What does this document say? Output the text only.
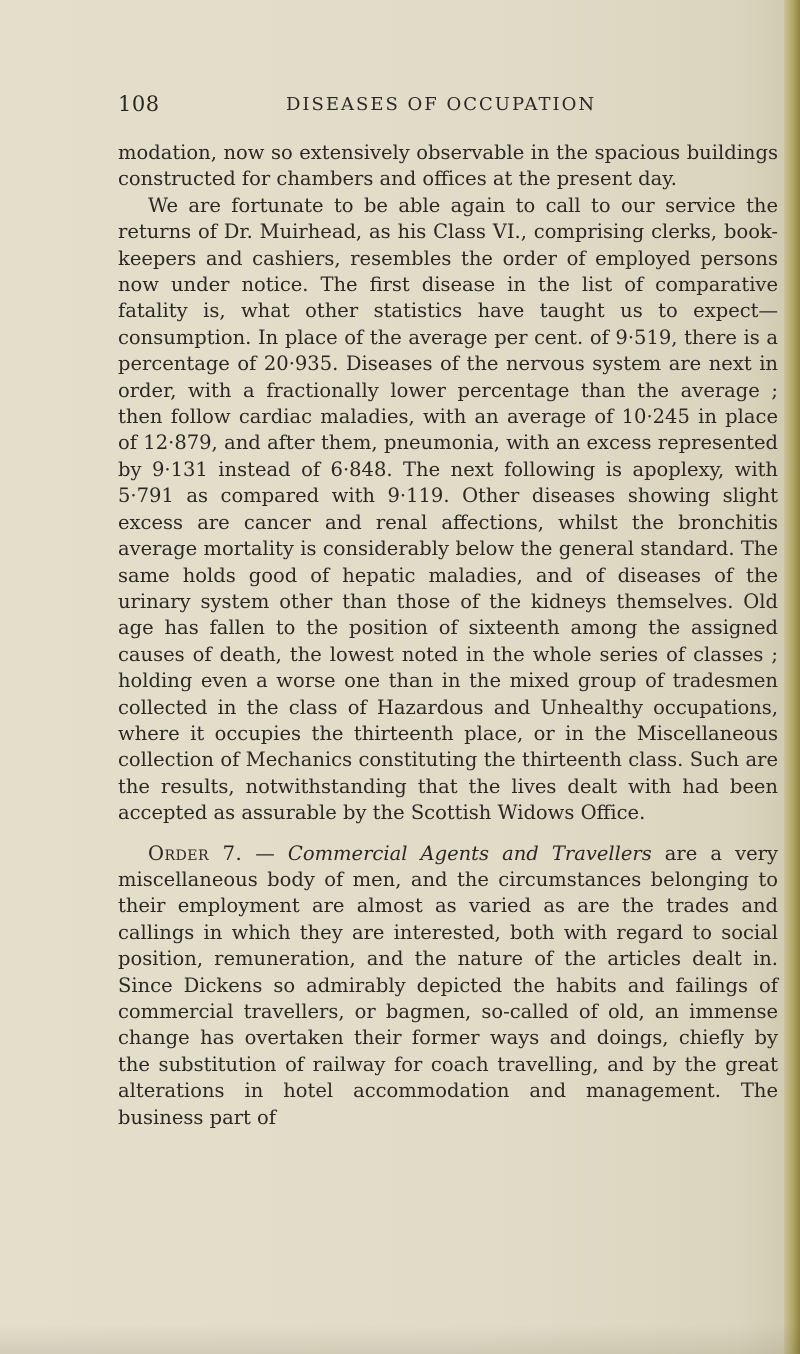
108	DISEASES OF OCCUPATION

modation, now so extensively observable in the spacious buildings constructed for chambers and offices at the present day.

We are fortunate to be able again to call to our service the returns of Dr. Muirhead, as his Class VI., comprising clerks, book-keepers and cashiers, resembles the order of employed persons now under notice. The first disease in the list of comparative fatality is, what other statistics have taught us to expect—consumption. In place of the average per cent. of 9·519, there is a percentage of 20·935. Diseases of the nervous system are next in order, with a fractionally lower percentage than the average ; then follow cardiac maladies, with an average of 10·245 in place of 12·879, and after them, pneumonia, with an excess represented by 9·131 instead of 6·848. The next following is apoplexy, with 5·791 as compared with 9·119. Other diseases showing slight excess are cancer and renal affections, whilst the bronchitis average mortality is considerably below the general standard. The same holds good of hepatic maladies, and of diseases of the urinary system other than those of the kidneys themselves. Old age has fallen to the position of sixteenth among the assigned causes of death, the lowest noted in the whole series of classes ; holding even a worse one than in the mixed group of tradesmen collected in the class of Hazardous and Unhealthy occupations, where it occupies the thirteenth place, or in the Miscellaneous collection of Mechanics constituting the thirteenth class. Such are the results, notwithstanding that the lives dealt with had been accepted as assurable by the Scottish Widows Office.

Order 7. — Commercial Agents and Travellers are a very miscellaneous body of men, and the circumstances belonging to their employment are almost as varied as are the trades and callings in which they are interested, both with regard to social position, remuneration, and the nature of the articles dealt in. Since Dickens so admirably depicted the habits and failings of commercial travellers, or bagmen, so-called of old, an immense change has overtaken their former ways and doings, chiefly by the substitution of railway for coach travelling, and by the great alterations in hotel accommodation and management. The business part of
